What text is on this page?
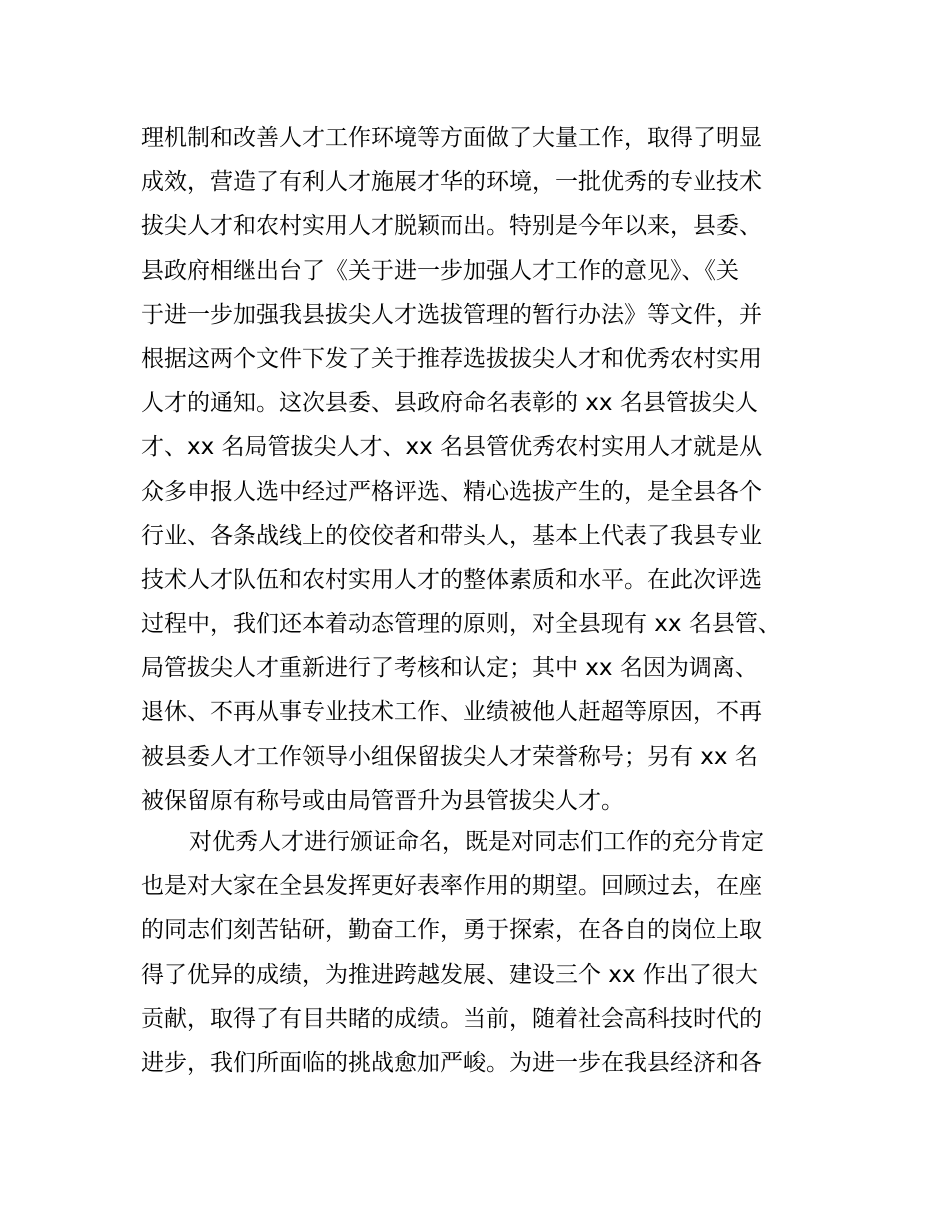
理机制和改善人才工作环境等方面做了大量工作，取得了明显
成效，营造了有利人才施展才华的环境，一批优秀的专业技术
拔尖人才和农村实用人才脱颖而出。特别是今年以来，县委、
县政府相继出台了《关于进一步加强人才工作的意见》、《关
于进一步加强我县拔尖人才选拔管理的暂行办法》等文件，并
根据这两个文件下发了关于推荐选拔拔尖人才和优秀农村实用
人才的通知。这次县委、县政府命名表彰的 xx 名县管拔尖人
才、xx 名局管拔尖人才、xx 名县管优秀农村实用人才就是从
众多申报人选中经过严格评选、精心选拔产生的，是全县各个
行业、各条战线上的佼佼者和带头人，基本上代表了我县专业
技术人才队伍和农村实用人才的整体素质和水平。在此次评选
过程中，我们还本着动态管理的原则，对全县现有 xx 名县管、
局管拔尖人才重新进行了考核和认定；其中 xx 名因为调离、
退休、不再从事专业技术工作、业绩被他人赶超等原因，不再
被县委人才工作领导小组保留拔尖人才荣誉称号；另有 xx 名
被保留原有称号或由局管晋升为县管拔尖人才。
对优秀人才进行颁证命名，既是对同志们工作的充分肯定
也是对大家在全县发挥更好表率作用的期望。回顾过去，在座
的同志们刻苦钻研，勤奋工作，勇于探索，在各自的岗位上取
得了优异的成绩，为推进跨越发展、建设三个 xx 作出了很大
贡献，取得了有目共睹的成绩。当前，随着社会高科技时代的
进步，我们所面临的挑战愈加严峻。为进一步在我县经济和各
